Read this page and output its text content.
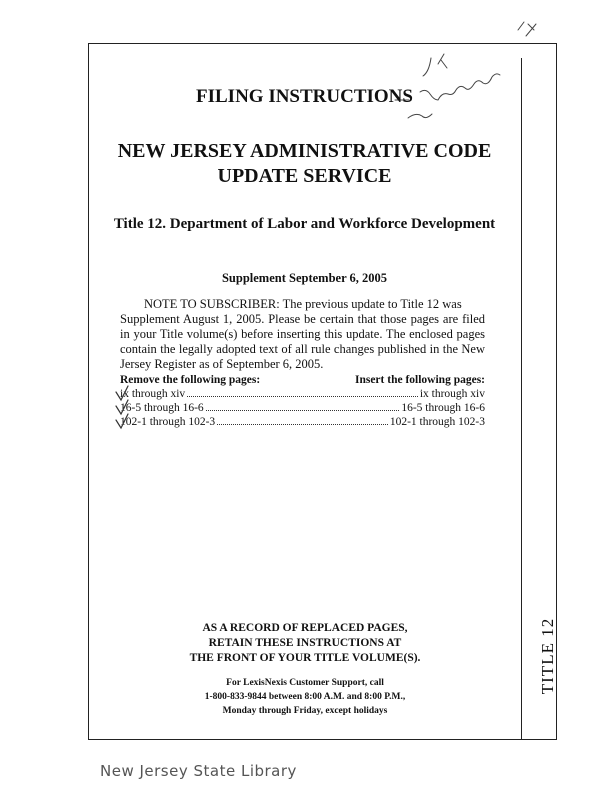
TITLE 12
FILING INSTRUCTIONS
NEW JERSEY ADMINISTRATIVE CODE
UPDATE SERVICE
Title 12. Department of Labor and Workforce Development
Supplement September 6, 2005
NOTE TO SUBSCRIBER: The previous update to Title 12 was
Supplement August 1, 2005. Please be certain that those pages are filed in your Title volume(s) before inserting this update. The enclosed pages contain the legally adopted text of all rule changes published in the New Jersey Register as of September 6, 2005.
Remove the following pages:	Insert the following pages:
ix through xiv	ix through xiv
16-5 through 16-6	16-5 through 16-6
102-1 through 102-3	102-1 through 102-3
AS A RECORD OF REPLACED PAGES,
RETAIN THESE INSTRUCTIONS AT
THE FRONT OF YOUR TITLE VOLUME(S).
For LexisNexis Customer Support, call
1-800-833-9844 between 8:00 A.M. and 8:00 P.M.,
Monday through Friday, except holidays
New Jersey State Library
